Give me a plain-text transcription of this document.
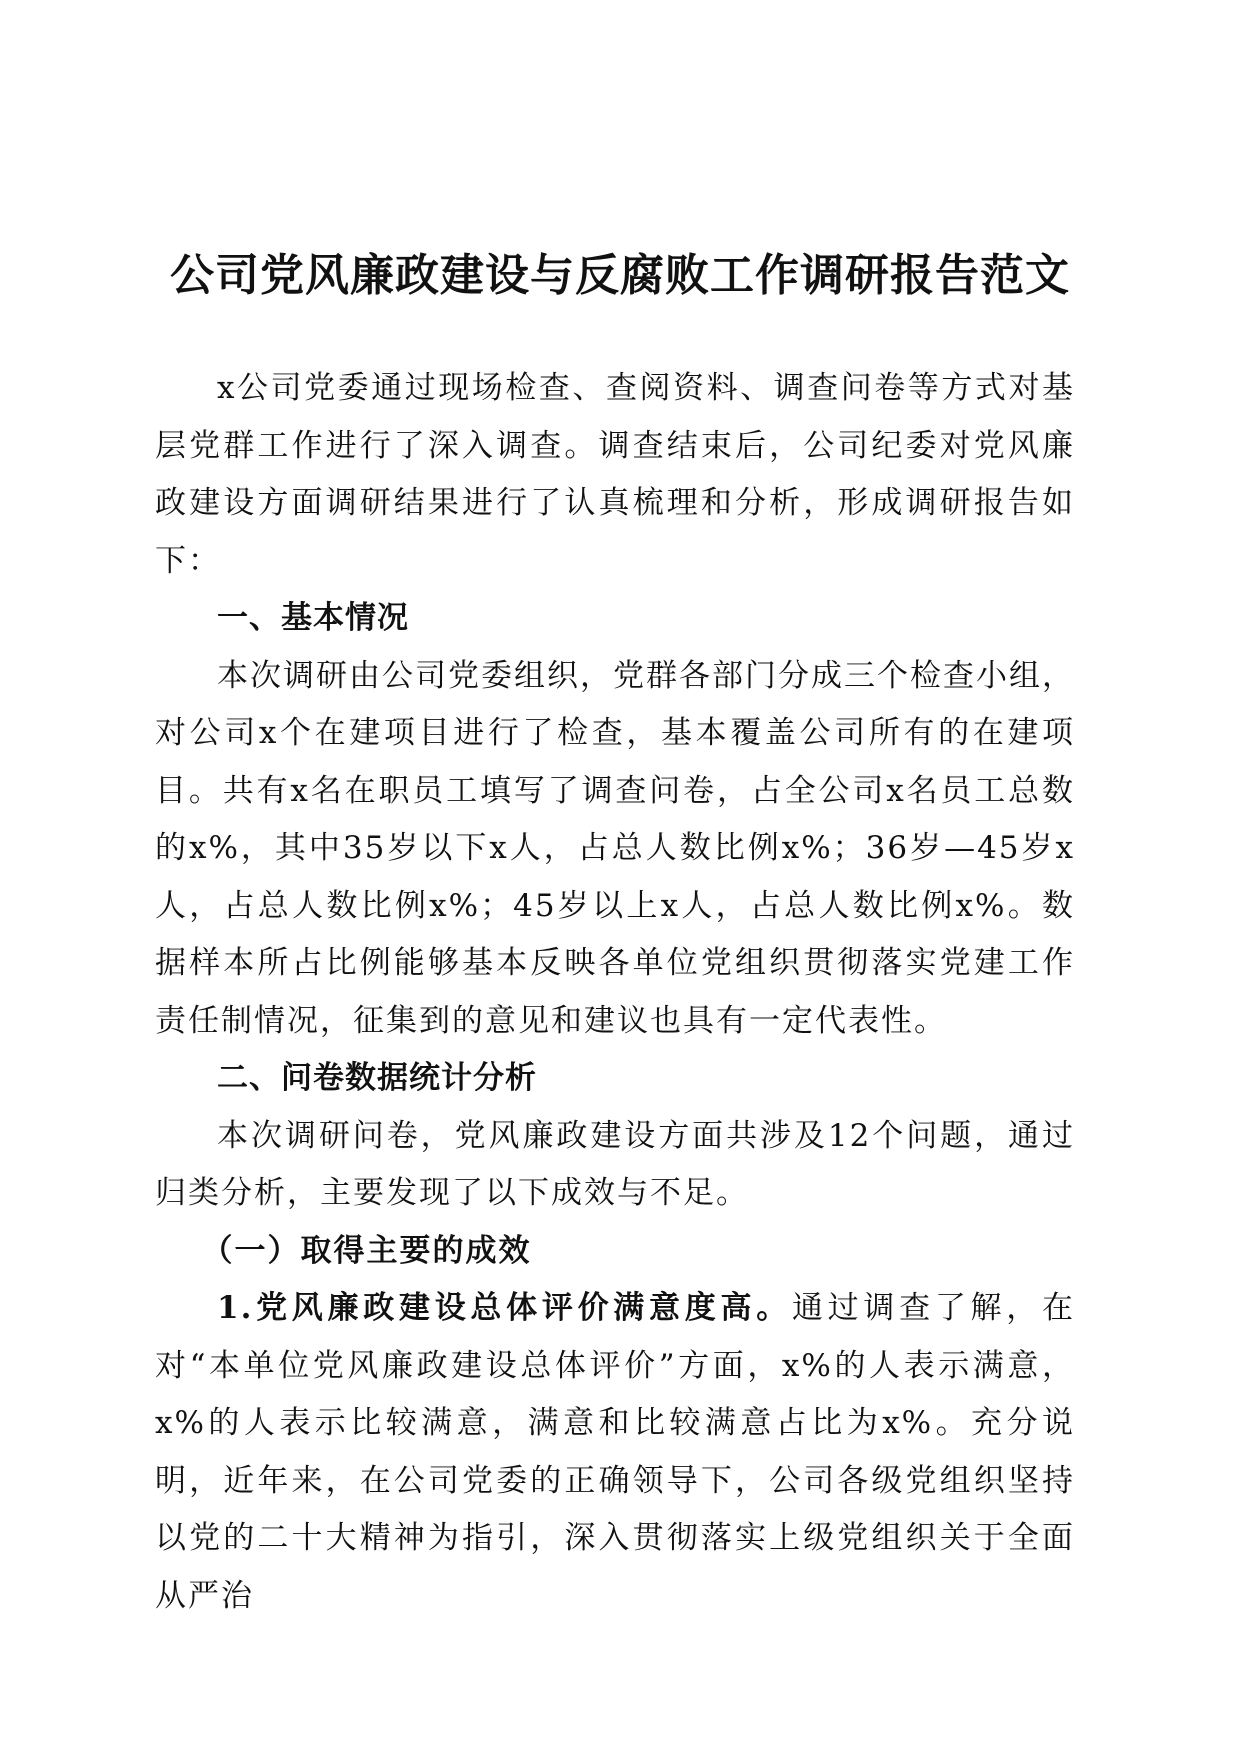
公司党风廉政建设与反腐败工作调研报告范文

x公司党委通过现场检查、查阅资料、调查问卷等方式对基层党群工作进行了深入调查。调查结束后，公司纪委对党风廉政建设方面调研结果进行了认真梳理和分析，形成调研报告如下：

一、基本情况

本次调研由公司党委组织，党群各部门分成三个检查小组，对公司x个在建项目进行了检查，基本覆盖公司所有的在建项目。共有x名在职员工填写了调查问卷，占全公司x名员工总数的x%，其中35岁以下x人，占总人数比例x%；36岁—45岁x人，占总人数比例x%；45岁以上x人，占总人数比例x%。数据样本所占比例能够基本反映各单位党组织贯彻落实党建工作责任制情况，征集到的意见和建议也具有一定代表性。

二、问卷数据统计分析

本次调研问卷，党风廉政建设方面共涉及12个问题，通过归类分析，主要发现了以下成效与不足。

（一）取得主要的成效

1.党风廉政建设总体评价满意度高。通过调查了解，在对“本单位党风廉政建设总体评价”方面，x%的人表示满意，x%的人表示比较满意，满意和比较满意占比为x%。充分说明，近年来，在公司党委的正确领导下，公司各级党组织坚持以党的二十大精神为指引，深入贯彻落实上级党组织关于全面从严治
